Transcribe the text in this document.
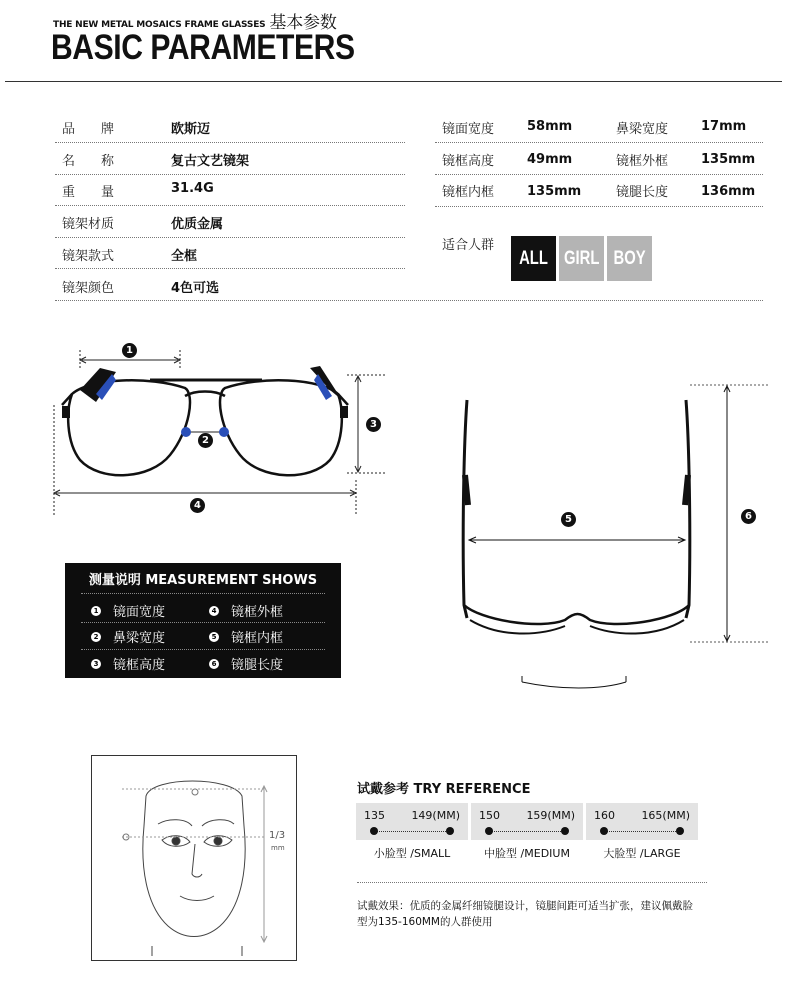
THE NEW METAL MOSAICS FRAME GLASSES 基本参数
BASIC PARAMETERS
品　　牌	欧斯迈
名　　称	复古文艺镜架
重　　量	31.4G
镜架材质	优质金属
镜架款式	全框
镜架颜色	4色可选
镜面宽度	58mm	鼻梁宽度	17mm
镜框高度	49mm	镜框外框	135mm
镜框内框	135mm	镜腿长度	136mm
适合人群
ALL GIRL BOY
1
2
3
4
5	6
测量说明 MEASUREMENT SHOWS
1 镜面宽度	4 镜框外框
2 鼻梁宽度	5 镜框内框
3 镜框高度	6 镜腿长度
1/3
mm
试戴参考 TRY REFERENCE
135 149(MM) 150 159(MM) 160 165(MM)
小脸型 /SMALL	中脸型 /MEDIUM	大脸型 /LARGE
试戴效果：优质的金属纤细镜腿设计，镜腿间距可适当扩张，建议佩戴脸型为135-160MM的人群使用
